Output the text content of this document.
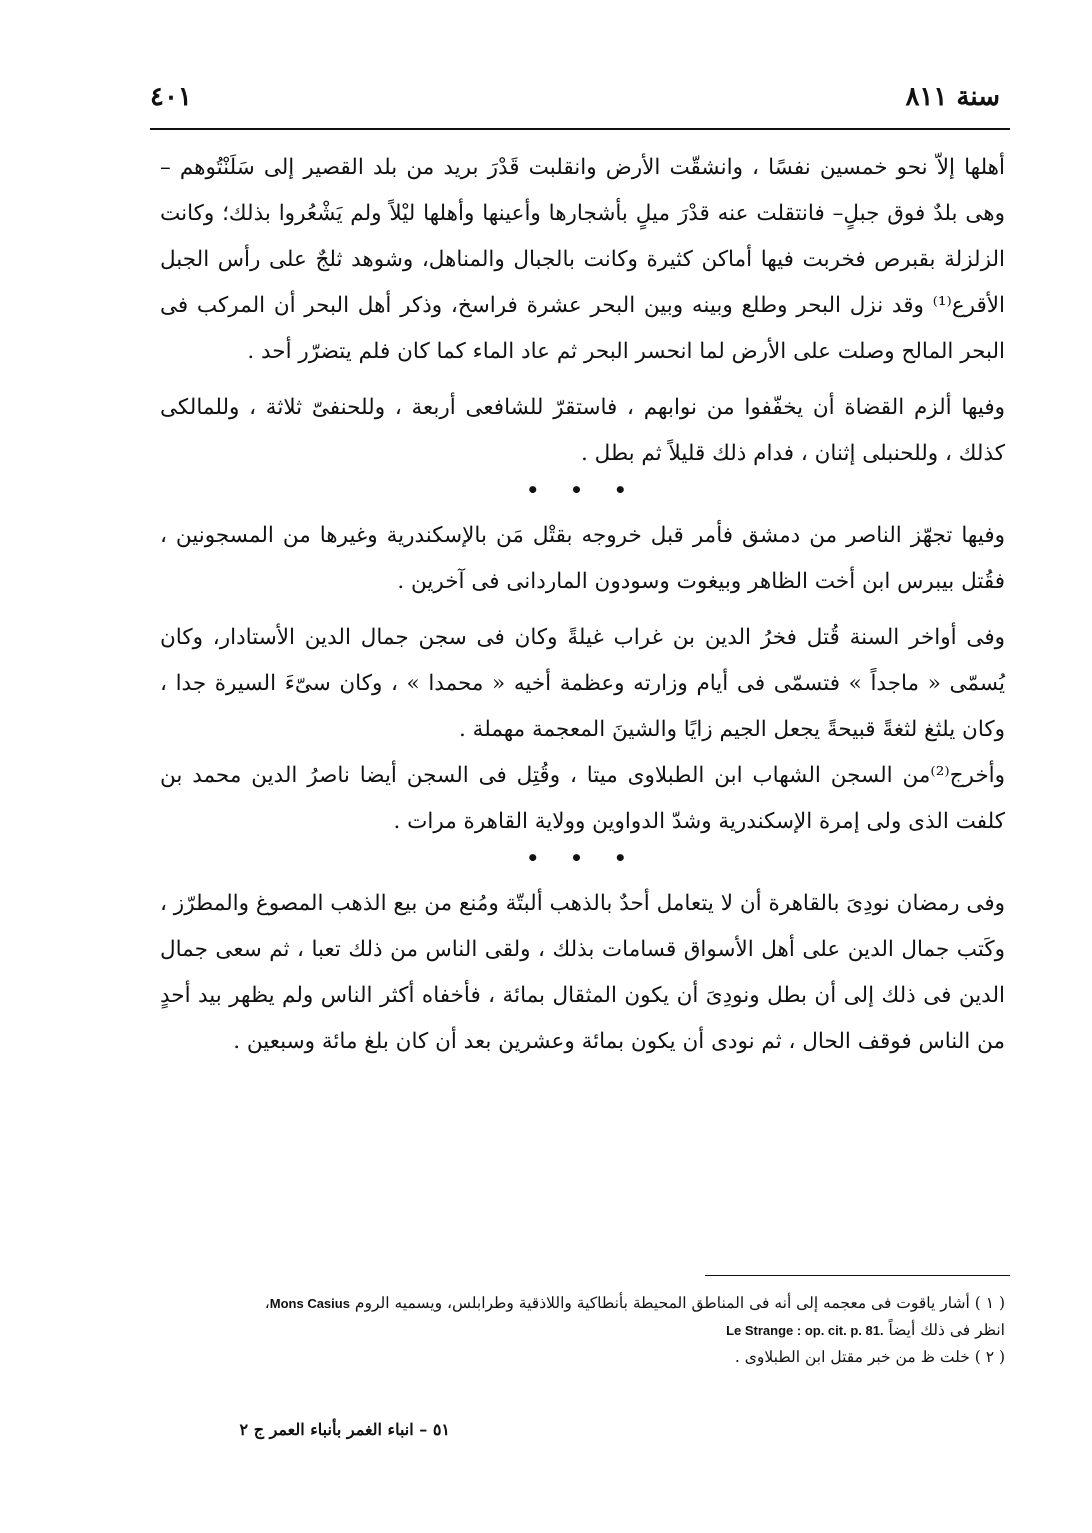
سنة ٨١١
٤٠١

أهلها إلاّ نحو خمسين نفسًا ، وانشقّت الأرض وانقلبت قَدْرَ بريد من بلد القصير إلى سَلَنْتُوهم – وهى بلدٌ فوق جبلٍ– فانتقلت عنه قدْرَ ميلٍ بأشجارها وأعينها وأهلها ليْلاً ولم يَشْعُروا بذلك؛ وكانت الزلزلة بقبرص فخربت فيها أماكن كثيرة وكانت بالجبال والمناهل، وشوهد ثلجٌ على رأس الجبل الأقرع⁽¹⁾ وقد نزل البحر وطلع وبينه وبين البحر عشرة فراسخ، وذكر أهل البحر أن المركب فى البحر المالح وصلت على الأرض لما انحسر البحر ثم عاد الماء كما كان فلم يتضرّر أحد .

وفيها ألزم القضاة أن يخفّفوا من نوابهم ، فاستقرّ للشافعى أربعة ، وللحنفىّ ثلاثة ، وللمالكى كذلك ، وللحنبلى إثنان ، فدام ذلك قليلاً ثم بطل .

• • •

وفيها تجهّز الناصر من دمشق فأمر قبل خروجه بقتْل مَن بالإسكندرية وغيرها من المسجونين ، فقُتل بيبرس ابن أخت الظاهر وبيغوت وسودون الماردانى فى آخرين .

وفى أواخر السنة قُتل فخرُ الدين بن غراب غيلةً وكان فى سجن جمال الدين الأستادار، وكان يُسمّى « ماجداً » فتسمّى فى أيام وزارته وعظمة أخيه « محمدا » ، وكان سىّءَ السيرة جدا ، وكان يلثغ لثغةً قبيحةً يجعل الجيم زايًا والشينَ المعجمة مهملة .

وأخرج⁽²⁾من السجن الشهاب ابن الطبلاوى ميتا ، وقُتِل فى السجن أيضا ناصرُ الدين محمد بن كلفت الذى ولى إمرة الإسكندرية وشدّ الدواوين وولاية القاهرة مرات .

• • •

وفى رمضان نودِىَ بالقاهرة أن لا يتعامل أحدٌ بالذهب ألبتّة ومُنع من بيع الذهب المصوغ والمطرّز ، وكَتب جمال الدين على أهل الأسواق قسامات بذلك ، ولقى الناس من ذلك تعبا ، ثم سعى جمال الدين فى ذلك إلى أن بطل ونودِىَ أن يكون المثقال بمائة ، فأخفاه أكثر الناس ولم يظهر بيد أحدٍ من الناس فوقف الحال ، ثم نودى أن يكون بمائة وعشرين بعد أن كان بلغ مائة وسبعين .

( ١ ) أشار ياقوت فى معجمه إلى أنه فى المناطق المحيطة بأنطاكية واللاذقية وطرابلس، ويسميه الروم Mons Casius،

انظر فى ذلك أيضاً Le Strange : op. cit. p. 81.

( ٢ ) خلت ظ من خبر مقتل ابن الطبلاوى .

٥١ – انباء الغمر بأنباء العمر ج ٢
